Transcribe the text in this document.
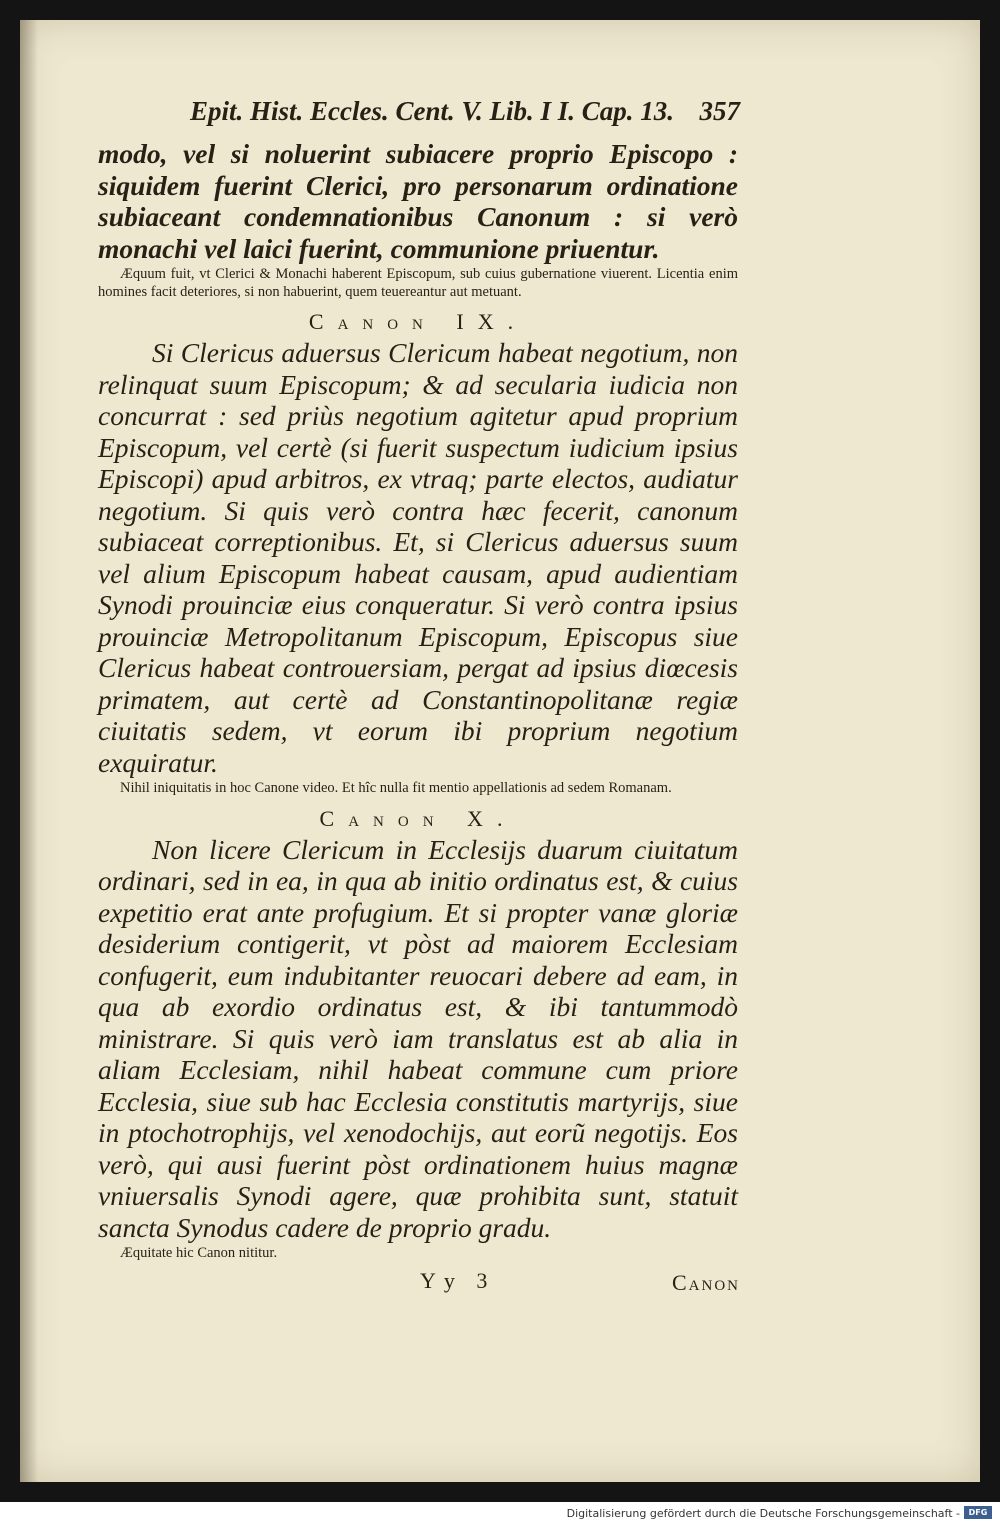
Epit. Hist. Eccles. Cent. V. Lib. I I. Cap. 13. 357

modo, vel si noluerint subiacere proprio Episcopo : siquidem fuerint Clerici, pro personarum ordinatione subiaceant condemnationibus Canonum : si verò monachi vel laici fuerint, communione priuentur.

Æquum fuit, vt Clerici & Monachi haberent Episcopum, sub cuius gubernatione viuerent. Licentia enim homines facit deteriores, si non habuerint, quem teuereantur aut metuant.

Canon IX.

Si Clericus aduersus Clericum habeat negotium, non relinquat suum Episcopum; & ad secularia iudicia non concurrat : sed priùs negotium agitetur apud proprium Episcopum, vel certè (si fuerit suspectum iudicium ipsius Episcopi) apud arbitros, ex vtraq; parte electos, audiatur negotium. Si quis verò contra hæc fecerit, canonum subiaceat correptionibus. Et, si Clericus aduersus suum vel alium Episcopum habeat causam, apud audientiam Synodi prouinciæ eius conqueratur. Si verò contra ipsius prouinciæ Metropolitanum Episcopum, Episcopus siue Clericus habeat controuersiam, pergat ad ipsius diœcesis primatem, aut certè ad Constantinopolitanæ regiæ ciuitatis sedem, vt eorum ibi proprium negotium exquiratur.

Nihil iniquitatis in hoc Canone video. Et hîc nulla fit mentio appellationis ad sedem Romanam.

Canon X.

Non licere Clericum in Ecclesijs duarum ciuitatum ordinari, sed in ea, in qua ab initio ordinatus est, & cuius expetitio erat ante profugium. Et si propter vanæ gloriæ desiderium contigerit, vt pòst ad maiorem Ecclesiam confugerit, eum indubitanter reuocari debere ad eam, in qua ab exordio ordinatus est, & ibi tantummodò ministrare. Si quis verò iam translatus est ab alia in aliam Ecclesiam, nihil habeat commune cum priore Ecclesia, siue sub hac Ecclesia constitutis martyrijs, siue in ptochotrophijs, vel xenodochijs, aut eorũ negotijs. Eos verò, qui ausi fuerint pòst ordinationem huius magnæ vniuersalis Synodi agere, quæ prohibita sunt, statuit sancta Synodus cadere de proprio gradu.

Æquitate hic Canon nititur.

Yy 3	Canon
Digitalisierung gefördert durch die Deutsche Forschungsgemeinschaft -	DFG
